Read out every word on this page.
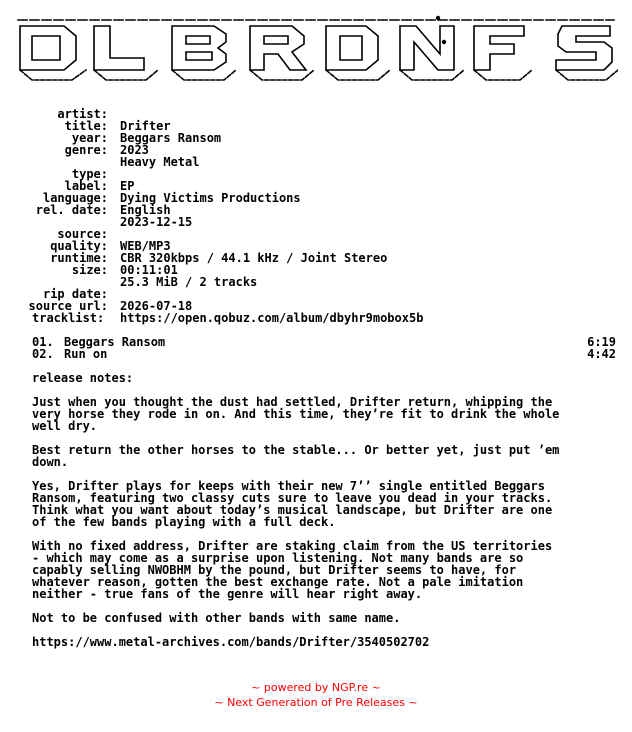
artist:

Drifter

title:

Beggars Ransom

year:

2023

genre:

Heavy Metal

type:

EP

label:

Dying Victims Productions

language:

English

rel. date:

2023-12-15

source:

WEB/MP3

quality:

CBR 320kbps / 44.1 kHz / Joint Stereo

runtime:

00:11:01

size:

25.3 MiB / 2 tracks

rip date:

2026-07-18

source url:

https://open.qobuz.com/album/dbyhr9mobox5b

tracklist:
01. Beggars Ransom	6:19
02. Run on	4:42
release notes:
Just when you thought the dust had settled, Drifter return, whipping the
very horse they rode in on. And this time, they’re fit to drink the whole
well dry.
Best return the other horses to the stable... Or better yet, just put ’em
down.
Yes, Drifter plays for keeps with their new 7’’ single entitled Beggars
Ransom, featuring two classy cuts sure to leave you dead in your tracks.
Think what you want about today’s musical landscape, but Drifter are one
of the few bands playing with a full deck.
With no fixed address, Drifter are staking claim from the US territories
- which may come as a surprise upon listening. Not many bands are so
capably selling NWOBHM by the pound, but Drifter seems to have, for
whatever reason, gotten the best exchange rate. Not a pale imitation
neither - true fans of the genre will hear right away.
Not to be confused with other bands with same name.
https://www.metal-archives.com/bands/Drifter/3540502702
~ powered by NGP.re ~
~ Next Generation of Pre Releases ~
